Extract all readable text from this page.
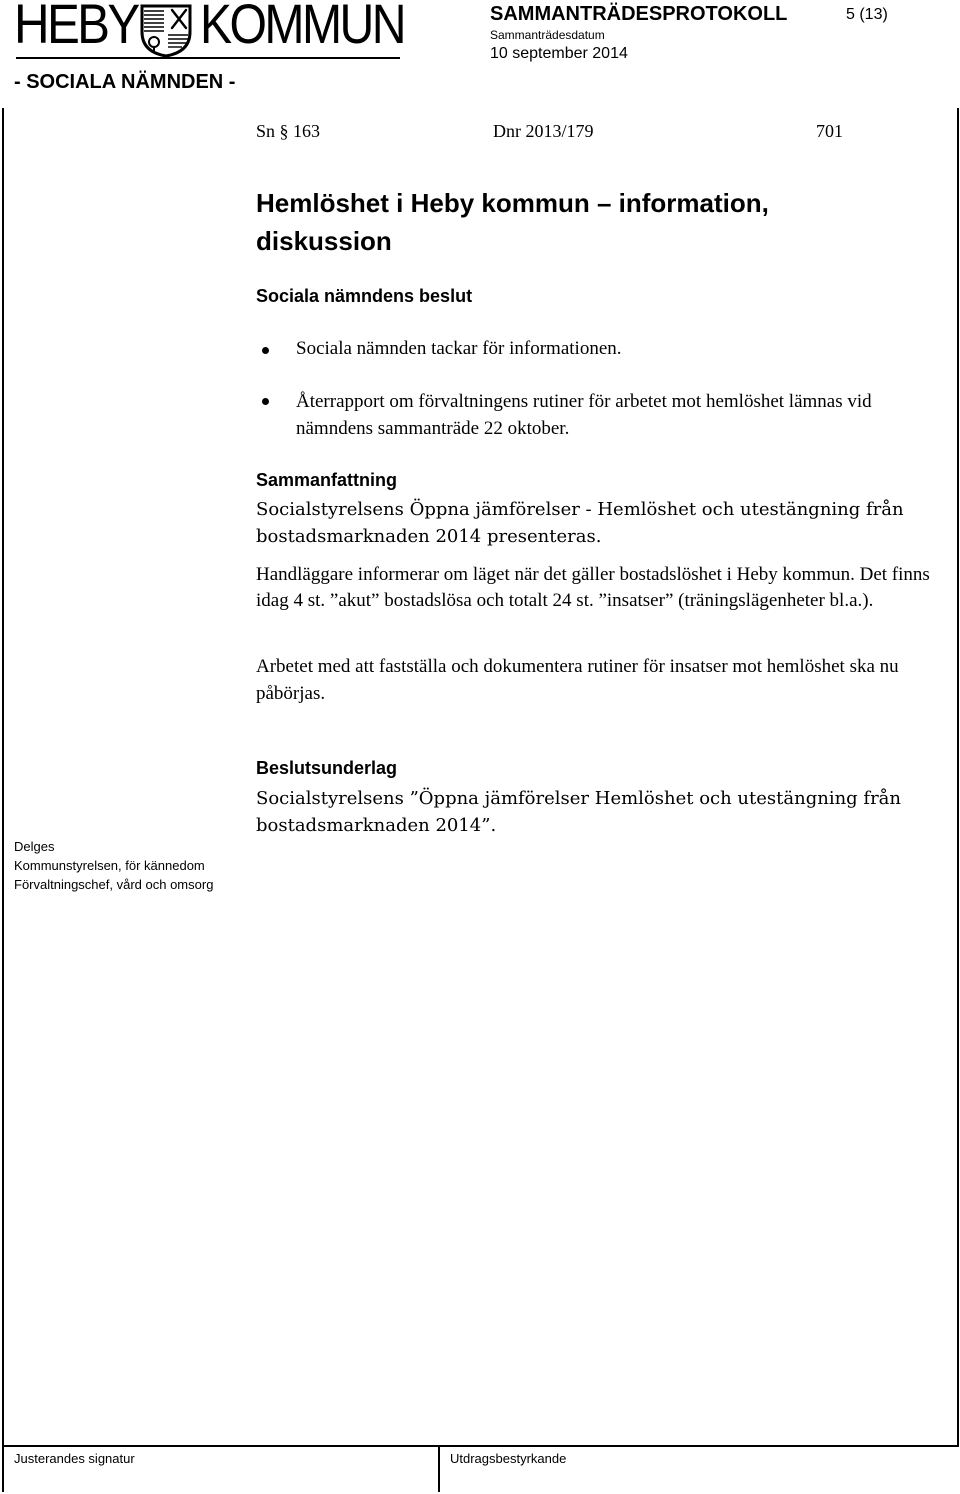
HEBY KOMMUN
- SOCIALA NÄMNDEN -
SAMMANTRÄDESPROTOKOLL
Sammanträdesdatum
10 september 2014
5 (13)
Sn § 163	Dnr 2013/179	701
Hemlöshet i Heby kommun – information, diskussion
Sociala nämndens beslut
Sociala nämnden tackar för informationen.
Återrapport om förvaltningens rutiner för arbetet mot hemlöshet lämnas vid nämndens sammanträde 22 oktober.
Sammanfattning
Socialstyrelsens Öppna jämförelser - Hemlöshet och utestängning från bostadsmarknaden 2014 presenteras.
Handläggare informerar om läget när det gäller bostadslöshet i Heby kommun. Det finns idag 4 st. ”akut” bostadslösa och totalt 24 st. ”insatser” (träningslägenheter bl.a.).
Arbetet med att fastställa och dokumentera rutiner för insatser mot hemlöshet ska nu påbörjas.
Beslutsunderlag
Socialstyrelsens ”Öppna jämförelser Hemlöshet och utestängning från bostadsmarknaden 2014”.
Delges
Kommunstyrelsen, för kännedom
Förvaltningschef, vård och omsorg
Justerandes signatur	Utdragsbestyrkande
